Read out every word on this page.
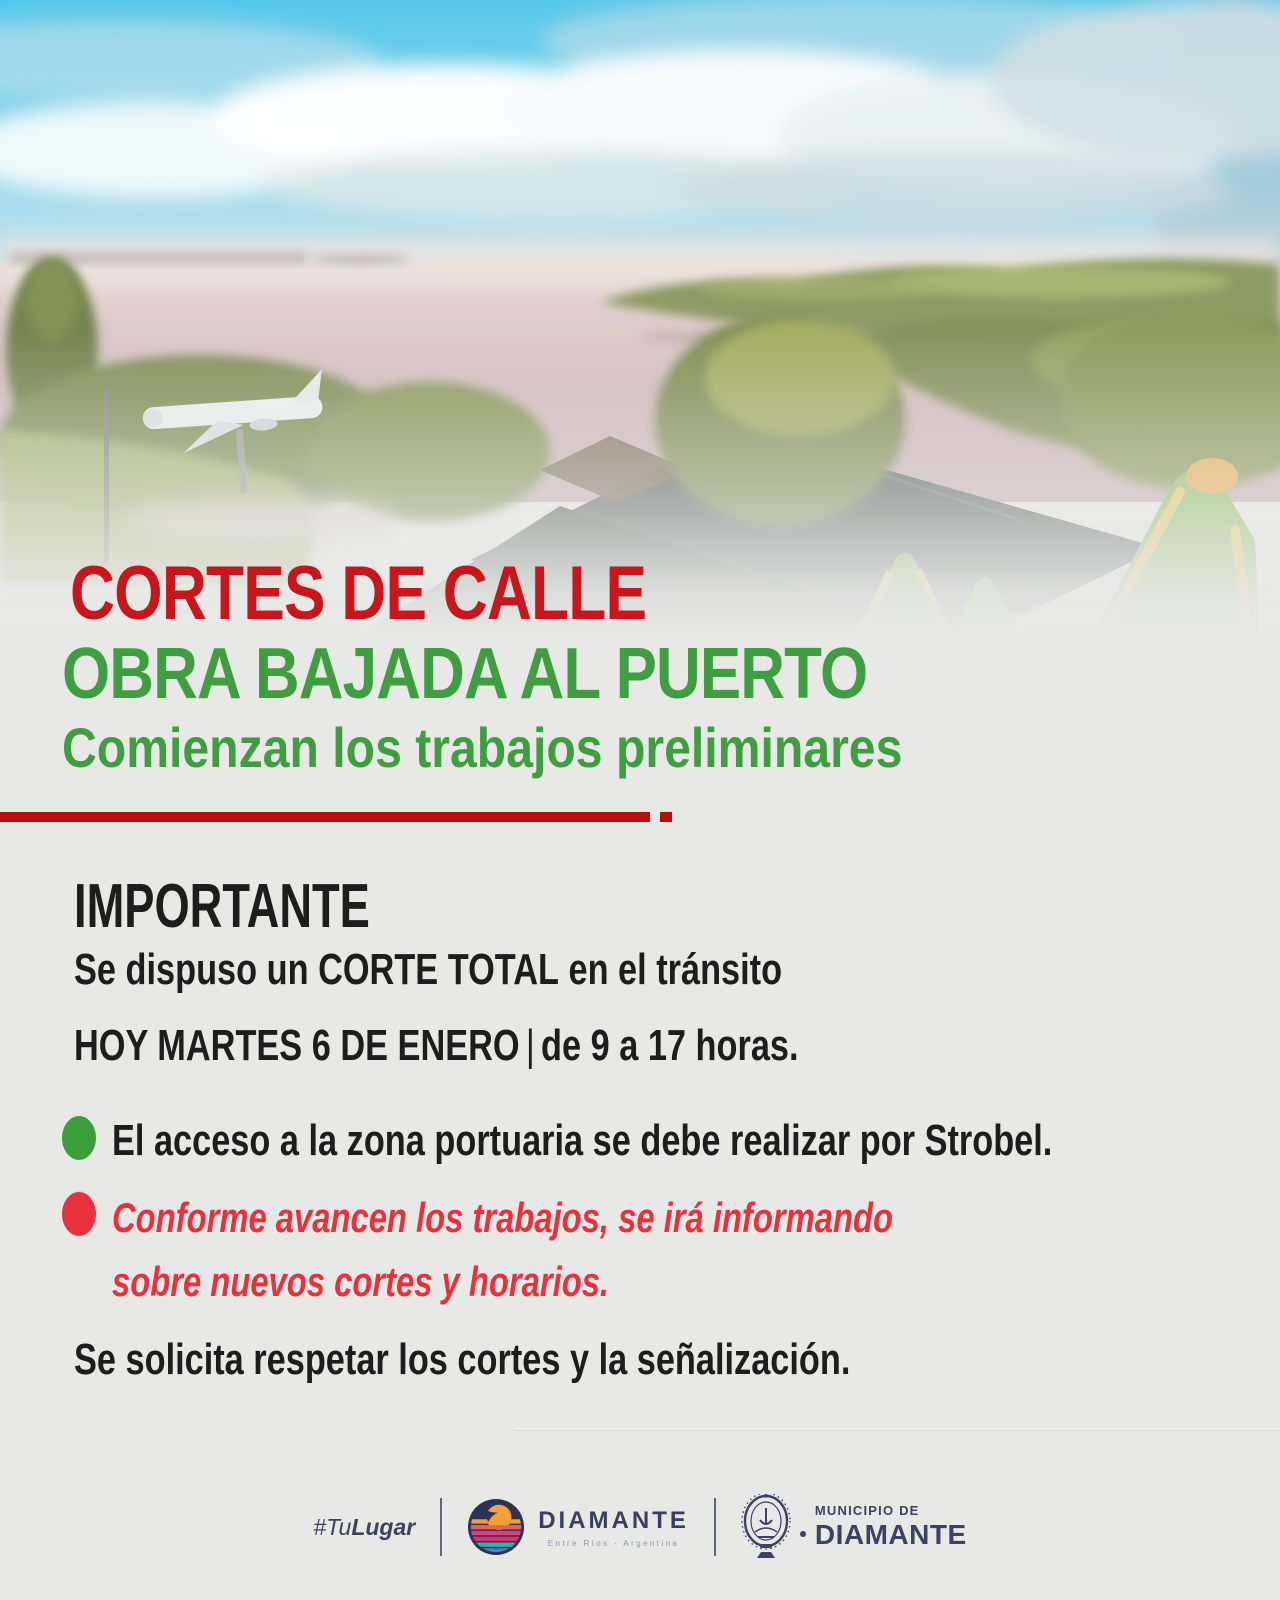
CORTES DE CALLE
OBRA BAJADA AL PUERTO

Comienzan los trabajos preliminares

IMPORTANTE

Se dispuso un CORTE TOTAL en el tránsito

HOY MARTES 6 DE ENERO | de 9 a 17 horas.

El acceso a la zona portuaria se debe realizar por Strobel.

Conforme avancen los trabajos, se irá informando
sobre nuevos cortes y horarios.

Se solicita respetar los cortes y la señalización.

#TuLugar	DIAMANTE
Entre Ríos · Argentina
MUNICIPIO DE
DIAMANTE
